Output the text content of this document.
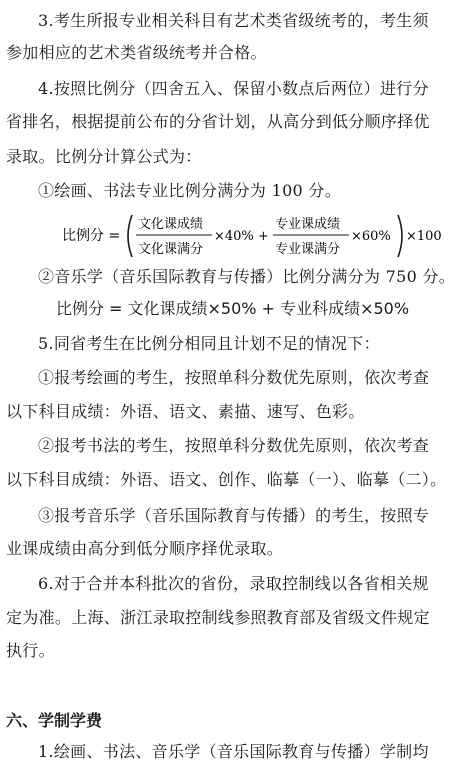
3.考生所报专业相关科目有艺术类省级统考的，考生须
参加相应的艺术类省级统考并合格。
4.按照比例分（四舍五入、保留小数点后两位）进行分
省排名，根据提前公布的分省计划，从高分到低分顺序择优
录取。比例分计算公式为：
①绘画、书法专业比例分满分为 100 分。
比例分 =
文化课成绩
文化课满分
×40% +
专业课成绩
专业课满分
×60% ×100
②音乐学（音乐国际教育与传播）比例分满分为 750 分。
比例分 = 文化课成绩×50% + 专业科成绩×50%
5.同省考生在比例分相同且计划不足的情况下：
①报考绘画的考生，按照单科分数优先原则，依次考查
以下科目成绩：外语、语文、素描、速写、色彩。
②报考书法的考生，按照单科分数优先原则，依次考查
以下科目成绩：外语、语文、创作、临摹（一）、临摹（二）。
③报考音乐学（音乐国际教育与传播）的考生，按照专
业课成绩由高分到低分顺序择优录取。
6.对于合并本科批次的省份，录取控制线以各省相关规
定为准。上海、浙江录取控制线参照教育部及省级文件规定
执行。
六、学制学费
1.绘画、书法、音乐学（音乐国际教育与传播）学制均
